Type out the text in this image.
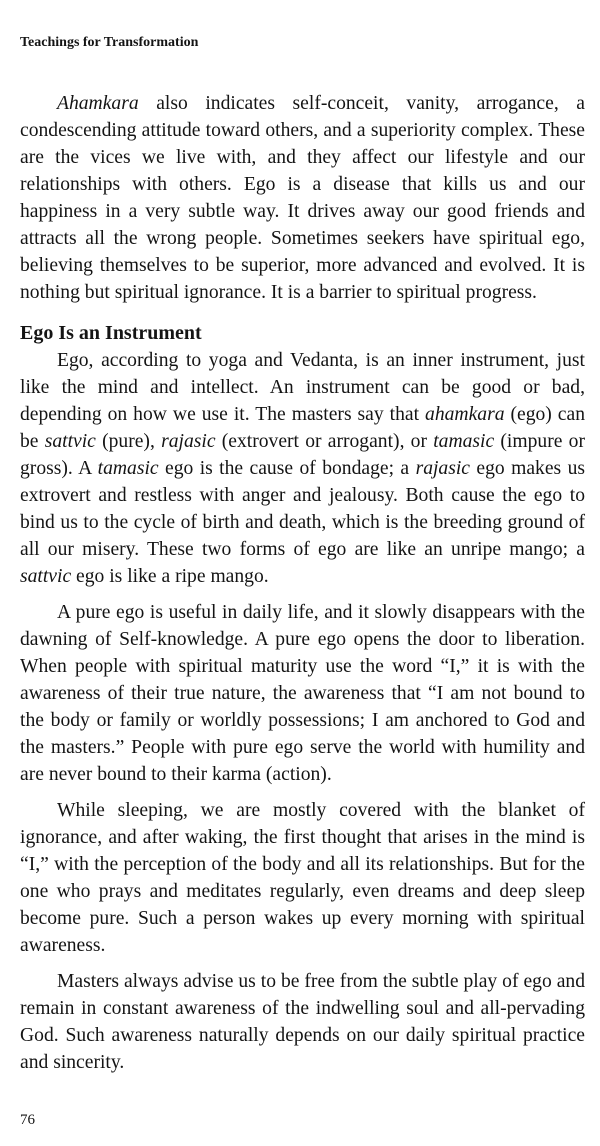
Teachings for Transformation

Ahamkara also indicates self-conceit, vanity, arrogance, a condescending attitude toward others, and a superiority complex. These are the vices we live with, and they affect our lifestyle and our relationships with others. Ego is a disease that kills us and our happiness in a very subtle way. It drives away our good friends and attracts all the wrong people. Sometimes seekers have spiritual ego, believing themselves to be superior, more advanced and evolved. It is nothing but spiritual ignorance. It is a barrier to spiritual progress.

Ego Is an Instrument

Ego, according to yoga and Vedanta, is an inner instrument, just like the mind and intellect. An instrument can be good or bad, depending on how we use it. The masters say that ahamkara (ego) can be sattvic (pure), rajasic (extrovert or arrogant), or tamasic (impure or gross). A tamasic ego is the cause of bondage; a rajasic ego makes us extrovert and restless with anger and jealousy. Both cause the ego to bind us to the cycle of birth and death, which is the breeding ground of all our misery. These two forms of ego are like an unripe mango; a sattvic ego is like a ripe mango.

A pure ego is useful in daily life, and it slowly disappears with the dawning of Self-knowledge. A pure ego opens the door to liberation. When people with spiritual maturity use the word “I,” it is with the awareness of their true nature, the awareness that “I am not bound to the body or family or worldly possessions; I am anchored to God and the masters.” People with pure ego serve the world with humility and are never bound to their karma (action).

While sleeping, we are mostly covered with the blanket of ignorance, and after waking, the first thought that arises in the mind is “I,” with the perception of the body and all its relationships. But for the one who prays and meditates regularly, even dreams and deep sleep become pure. Such a person wakes up every morning with spiritual awareness.

Masters always advise us to be free from the subtle play of ego and remain in constant awareness of the indwelling soul and all-pervading God. Such awareness naturally depends on our daily spiritual practice and sincerity.

76
